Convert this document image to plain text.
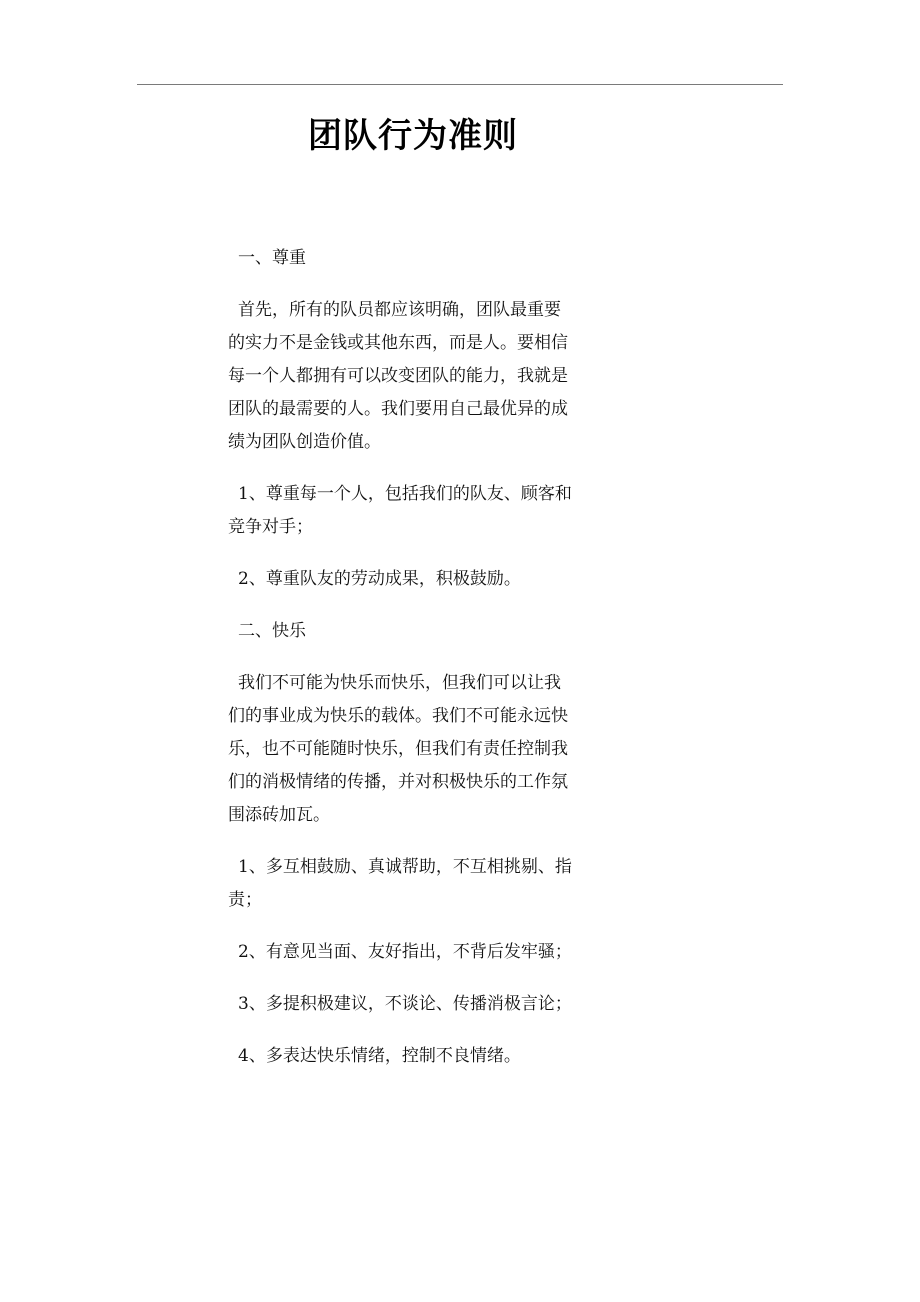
团队行为准则

一、尊重

首先，所有的队员都应该明确，团队最重要的实力不是金钱或其他东西，而是人。要相信每一个人都拥有可以改变团队的能力，我就是团队的最需要的人。我们要用自己最优异的成绩为团队创造价值。

1、尊重每一个人，包括我们的队友、顾客和竞争对手；

2、尊重队友的劳动成果，积极鼓励。

二、快乐

我们不可能为快乐而快乐，但我们可以让我们的事业成为快乐的载体。我们不可能永远快乐，也不可能随时快乐，但我们有责任控制我们的消极情绪的传播，并对积极快乐的工作氛围添砖加瓦。

1、多互相鼓励、真诚帮助，不互相挑剔、指责；

2、有意见当面、友好指出，不背后发牢骚；

3、多提积极建议，不谈论、传播消极言论；

4、多表达快乐情绪，控制不良情绪。
